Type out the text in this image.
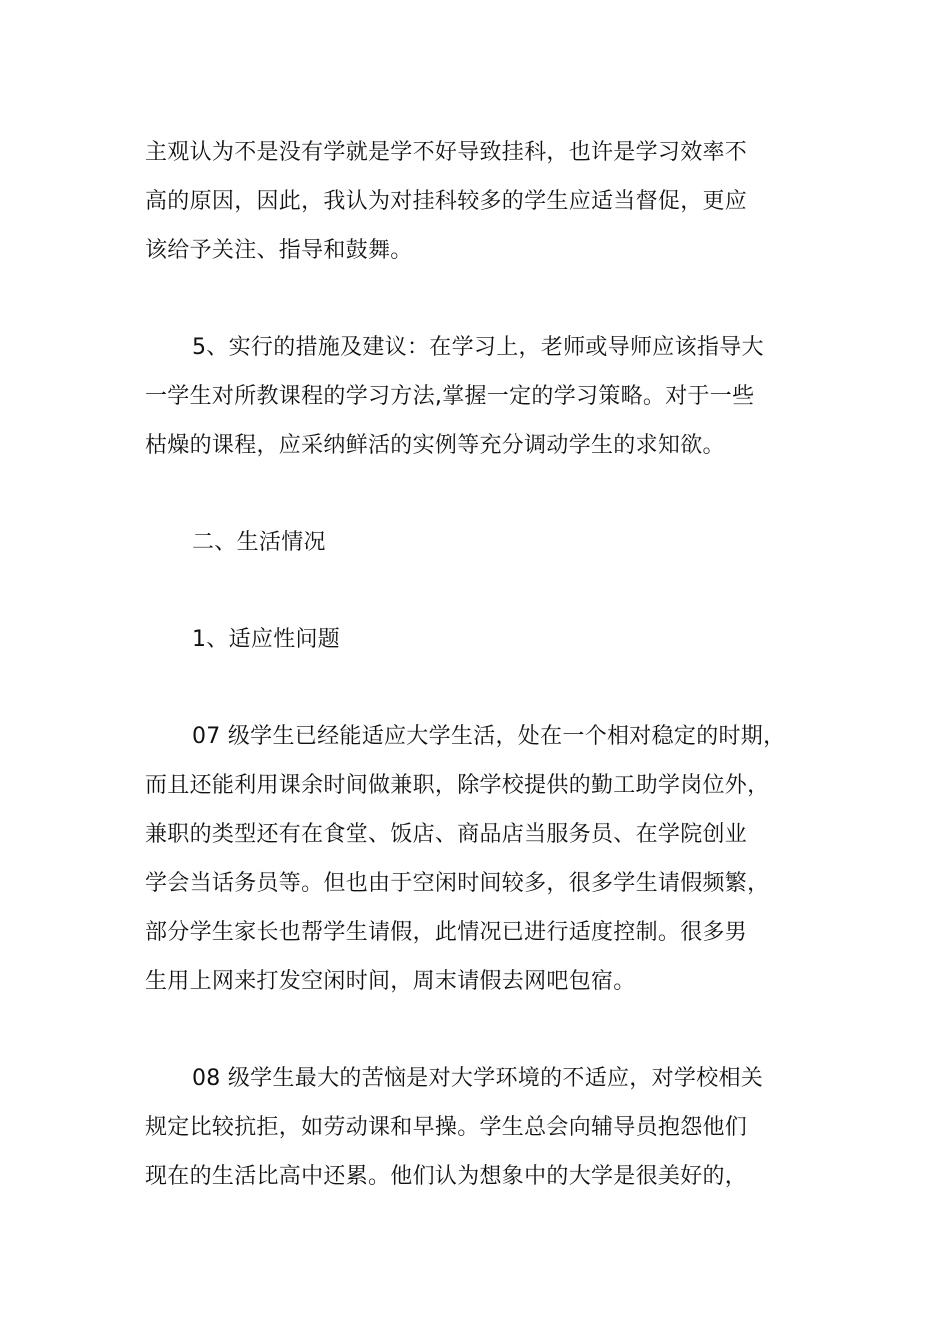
主观认为不是没有学就是学不好导致挂科，也许是学习效率不
高的原因，因此，我认为对挂科较多的学生应适当督促，更应
该给予关注、指导和鼓舞。
5、实行的措施及建议：在学习上，老师或导师应该指导大
一学生对所教课程的学习方法,掌握一定的学习策略。对于一些
枯燥的课程，应采纳鲜活的实例等充分调动学生的求知欲。
二、生活情况
1、适应性问题
07 级学生已经能适应大学生活，处在一个相对稳定的时期，
而且还能利用课余时间做兼职，除学校提供的勤工助学岗位外，
兼职的类型还有在食堂、饭店、商品店当服务员、在学院创业
学会当话务员等。但也由于空闲时间较多，很多学生请假频繁，
部分学生家长也帮学生请假，此情况已进行适度控制。很多男
生用上网来打发空闲时间，周末请假去网吧包宿。
08 级学生最大的苦恼是对大学环境的不适应，对学校相关
规定比较抗拒，如劳动课和早操。学生总会向辅导员抱怨他们
现在的生活比高中还累。他们认为想象中的大学是很美好的，
